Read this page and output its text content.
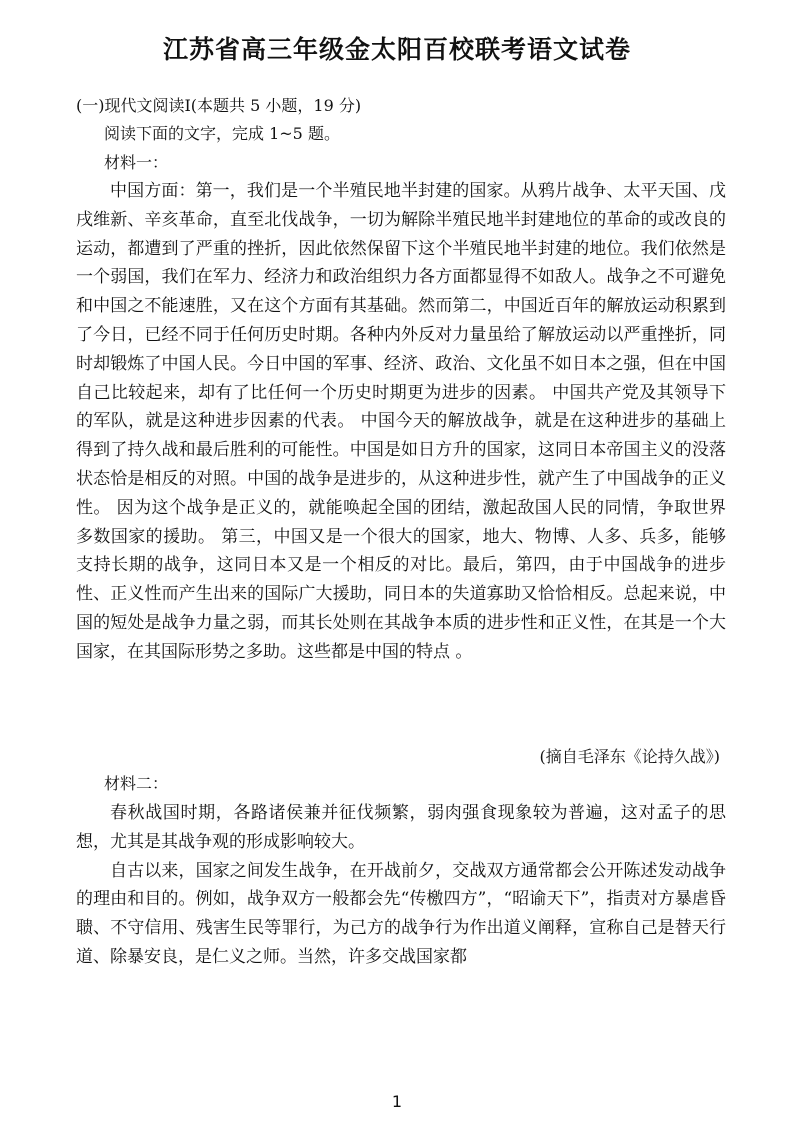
江苏省高三年级金太阳百校联考语文试卷
(一)现代文阅读Ⅰ(本题共 5 小题，19 分)
阅读下面的文字，完成 1~5 题。
材料一：

中国方面：第一，我们是一个半殖民地半封建的国家。从鸦片战争、太平天国、戊戌维新、辛亥革命，直至北伐战争，一切为解除半殖民地半封建地位的革命的或改良的运动，都遭到了严重的挫折，因此依然保留下这个半殖民地半封建的地位。我们依然是一个弱国，我们在军力、经济力和政治组织力各方面都显得不如敌人。战争之不可避免和中国之不能速胜，又在这个方面有其基础。然而第二，中国近百年的解放运动积累到了今日，已经不同于任何历史时期。各种内外反对力量虽给了解放运动以严重挫折，同时却锻炼了中国人民。今日中国的军事、经济、政治、文化虽不如日本之强，但在中国自己比较起来，却有了比任何一个历史时期更为进步的因素。 中国共产党及其领导下的军队，就是这种进步因素的代表。 中国今天的解放战争，就是在这种进步的基础上得到了持久战和最后胜利的可能性。中国是如日方升的国家，这同日本帝国主义的没落状态恰是相反的对照。中国的战争是进步的，从这种进步性，就产生了中国战争的正义性。 因为这个战争是正义的，就能唤起全国的团结，激起敌国人民的同情，争取世界多数国家的援助。 第三，中国又是一个很大的国家，地大、物博、人多、兵多，能够支持长期的战争，这同日本又是一个相反的对比。最后，第四，由于中国战争的进步性、正义性而产生出来的国际广大援助，同日本的失道寡助又恰恰相反。总起来说，中国的短处是战争力量之弱，而其长处则在其战争本质的进步性和正义性，在其是一个大国家，在其国际形势之多助。这些都是中国的特点 。

(摘自毛泽东《论持久战》)
材料二：

春秋战国时期，各路诸侯兼并征伐频繁，弱肉强食现象较为普遍，这对孟子的思想，尤其是其战争观的形成影响较大。

自古以来，国家之间发生战争，在开战前夕，交战双方通常都会公开陈述发动战争的理由和目的。例如，战争双方一般都会先“传檄四方”，“昭谕天下”，指责对方暴虐昏聩、不守信用、残害生民等罪行，为己方的战争行为作出道义阐释，宣称自己是替天行道、除暴安良，是仁义之师。当然，许多交战国家都

1
